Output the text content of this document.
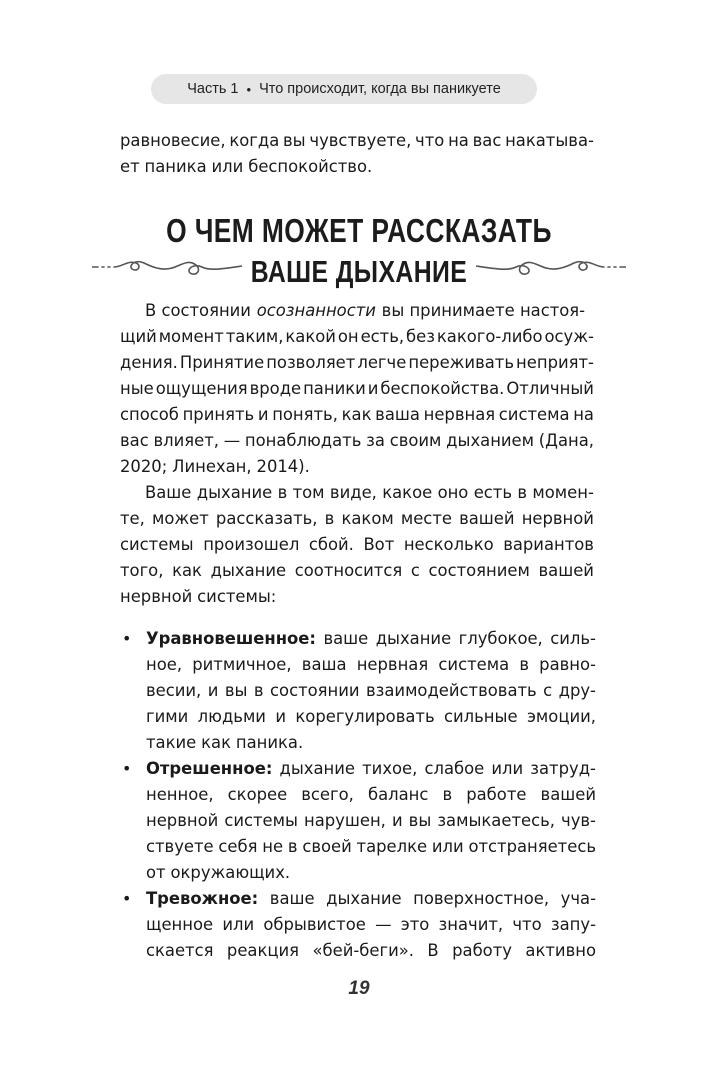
Часть 1 • Что происходит, когда вы паникуете
равновесие, когда вы чувствуете, что на вас накатыва-
ет паника или беспокойство.
О ЧЕМ МОЖЕТ РАССКАЗАТЬ
ВАШЕ ДЫХАНИЕ
В состоянии осознанности вы принимаете настоя-
щий момент таким, какой он есть, без какого-либо осуж-
дения. Принятие позволяет легче переживать неприят-
ные ощущения вроде паники и беспокойства. Отличный
способ принять и понять, как ваша нервная система на
вас влияет, — понаблюдать за своим дыханием (Дана,
2020; Линехан, 2014).
Ваше дыхание в том виде, какое оно есть в момен-
те, может рассказать, в каком месте вашей нервной
системы произошел сбой. Вот несколько вариантов
того, как дыхание соотносится с состоянием вашей
нервной системы:
• Уравновешенное: ваше дыхание глубокое, силь-
ное, ритмичное, ваша нервная система в равно-
весии, и вы в состоянии взаимодействовать с дру-
гими людьми и корегулировать сильные эмоции,
такие как паника.
• Отрешенное: дыхание тихое, слабое или затруд-
ненное, скорее всего, баланс в работе вашей
нервной системы нарушен, и вы замыкаетесь, чув-
ствуете себя не в своей тарелке или отстраняетесь
от окружающих.
• Тревожное: ваше дыхание поверхностное, уча-
щенное или обрывистое — это значит, что запу-
скается реакция «бей-беги». В работу активно
19
